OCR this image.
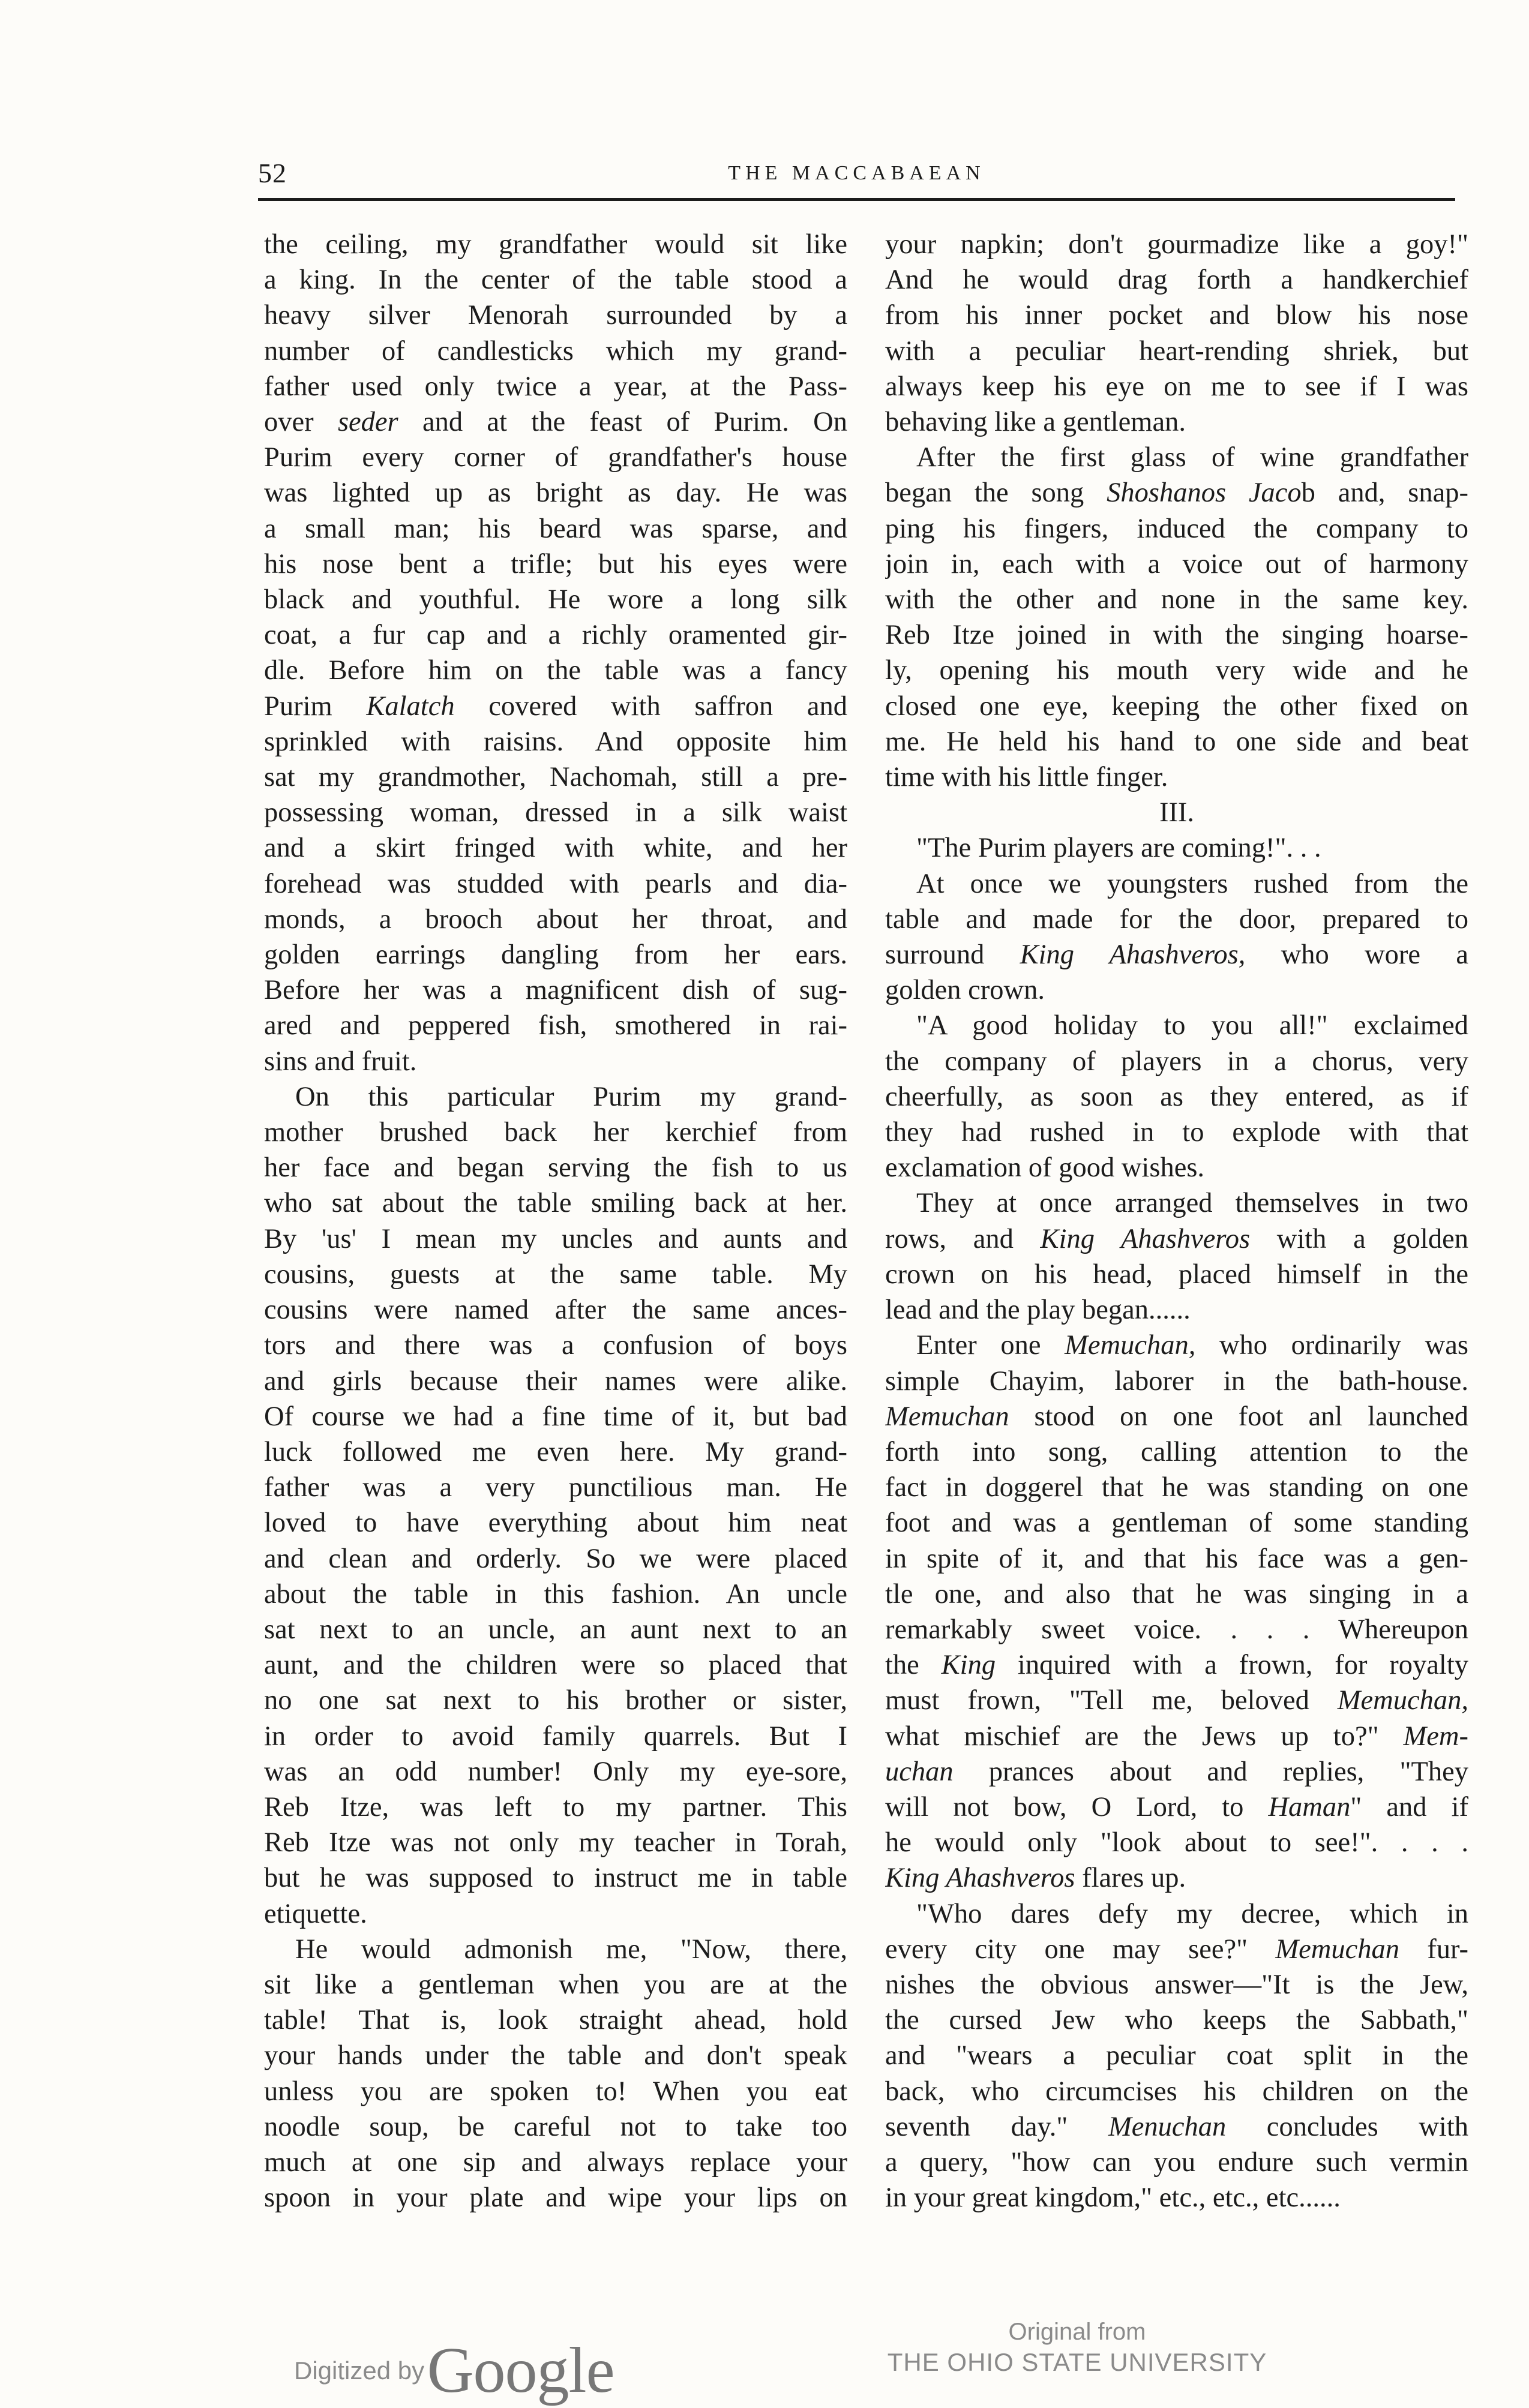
52	THE MACCABAEAN

the ceiling, my grandfather would sit like

a king. In the center of the table stood a

heavy silver Menorah surrounded by a

number of candlesticks which my grand-

father used only twice a year, at the Pass-

over seder and at the feast of Purim. On

Purim every corner of grandfather's house

was lighted up as bright as day. He was

a small man; his beard was sparse, and

his nose bent a trifle; but his eyes were

black and youthful. He wore a long silk

coat, a fur cap and a richly oramented gir-

dle. Before him on the table was a fancy

Purim Kalatch covered with saffron and

sprinkled with raisins. And opposite him

sat my grandmother, Nachomah, still a pre-

possessing woman, dressed in a silk waist

and a skirt fringed with white, and her

forehead was studded with pearls and dia-

monds, a brooch about her throat, and

golden earrings dangling from her ears.

Before her was a magnificent dish of sug-

ared and peppered fish, smothered in rai-

sins and fruit.

On this particular Purim my grand-

mother brushed back her kerchief from

her face and began serving the fish to us

who sat about the table smiling back at her.

By 'us' I mean my uncles and aunts and

cousins, guests at the same table. My

cousins were named after the same ances-

tors and there was a confusion of boys

and girls because their names were alike.

Of course we had a fine time of it, but bad

luck followed me even here. My grand-

father was a very punctilious man. He

loved to have everything about him neat

and clean and orderly. So we were placed

about the table in this fashion. An uncle

sat next to an uncle, an aunt next to an

aunt, and the children were so placed that

no one sat next to his brother or sister,

in order to avoid family quarrels. But I

was an odd number! Only my eye-sore,

Reb Itze, was left to my partner. This

Reb Itze was not only my teacher in Torah,

but he was supposed to instruct me in table

etiquette.

He would admonish me, "Now, there,

sit like a gentleman when you are at the

table! That is, look straight ahead, hold

your hands under the table and don't speak

unless you are spoken to! When you eat

noodle soup, be careful not to take too

much at one sip and always replace your

spoon in your plate and wipe your lips on

your napkin; don't gourmadize like a goy!"

And he would drag forth a handkerchief

from his inner pocket and blow his nose

with a peculiar heart-rending shriek, but

always keep his eye on me to see if I was

behaving like a gentleman.

After the first glass of wine grandfather

began the song Shoshanos Jacob and, snap-

ping his fingers, induced the company to

join in, each with a voice out of harmony

with the other and none in the same key.

Reb Itze joined in with the singing hoarse-

ly, opening his mouth very wide and he

closed one eye, keeping the other fixed on

me. He held his hand to one side and beat

time with his little finger.

III.

"The Purim players are coming!". . .

At once we youngsters rushed from the

table and made for the door, prepared to

surround King Ahashveros, who wore a

golden crown.

"A good holiday to you all!" exclaimed

the company of players in a chorus, very

cheerfully, as soon as they entered, as if

they had rushed in to explode with that

exclamation of good wishes.

They at once arranged themselves in two

rows, and King Ahashveros with a golden

crown on his head, placed himself in the

lead and the play began......

Enter one Memuchan, who ordinarily was

simple Chayim, laborer in the bath-house.

Memuchan stood on one foot anl launched

forth into song, calling attention to the

fact in doggerel that he was standing on one

foot and was a gentleman of some standing

in spite of it, and that his face was a gen-

tle one, and also that he was singing in a

remarkably sweet voice. . . . Whereupon

the King inquired with a frown, for royalty

must frown, "Tell me, beloved Memuchan,

what mischief are the Jews up to?" Mem-

uchan prances about and replies, "They

will not bow, O Lord, to Haman" and if

he would only "look about to see!". . . .

King Ahashveros flares up.

"Who dares defy my decree, which in

every city one may see?" Memuchan fur-

nishes the obvious answer—"It is the Jew,

the cursed Jew who keeps the Sabbath,"

and "wears a peculiar coat split in the

back, who circumcises his children on the

seventh day." Menuchan concludes with

a query, "how can you endure such vermin

in your great kingdom," etc., etc., etc......

Digitized by Google
Original from
THE OHIO STATE UNIVERSITY
